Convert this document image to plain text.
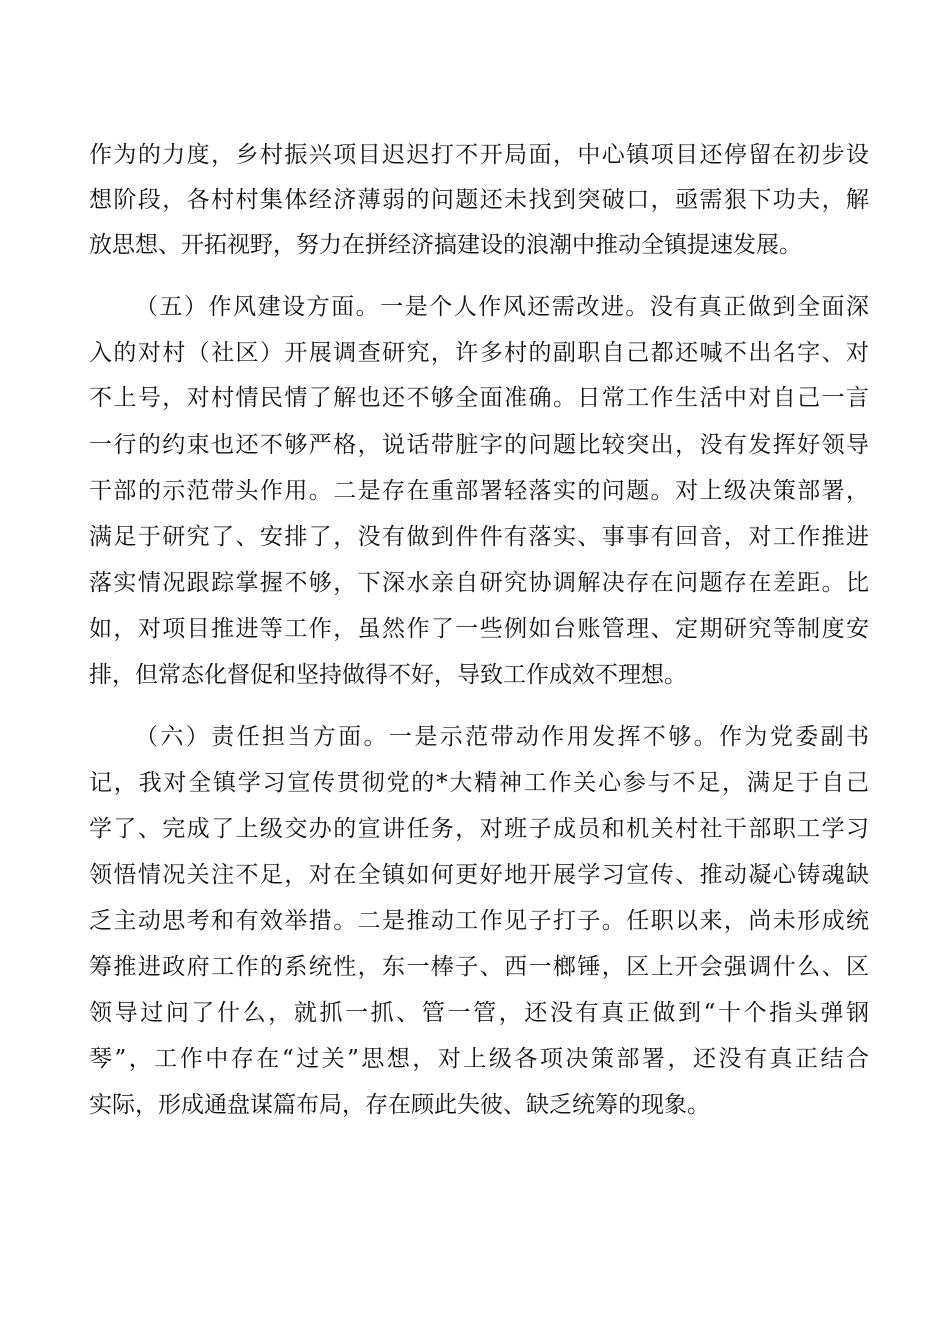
作为的力度，乡村振兴项目迟迟打不开局面，中心镇项目还停留在初步设

想阶段，各村村集体经济薄弱的问题还未找到突破口，亟需狠下功夫，解

放思想、开拓视野，努力在拼经济搞建设的浪潮中推动全镇提速发展。

（五）作风建设方面。一是个人作风还需改进。没有真正做到全面深

入的对村（社区）开展调查研究，许多村的副职自己都还喊不出名字、对

不上号，对村情民情了解也还不够全面准确。日常工作生活中对自己一言

一行的约束也还不够严格，说话带脏字的问题比较突出，没有发挥好领导

干部的示范带头作用。二是存在重部署轻落实的问题。对上级决策部署，

满足于研究了、安排了，没有做到件件有落实、事事有回音，对工作推进

落实情况跟踪掌握不够，下深水亲自研究协调解决存在问题存在差距。比

如，对项目推进等工作，虽然作了一些例如台账管理、定期研究等制度安

排，但常态化督促和坚持做得不好，导致工作成效不理想。

（六）责任担当方面。一是示范带动作用发挥不够。作为党委副书

记，我对全镇学习宣传贯彻党的*大精神工作关心参与不足，满足于自己

学了、完成了上级交办的宣讲任务，对班子成员和机关村社干部职工学习

领悟情况关注不足，对在全镇如何更好地开展学习宣传、推动凝心铸魂缺

乏主动思考和有效举措。二是推动工作见子打子。任职以来，尚未形成统

筹推进政府工作的系统性，东一棒子、西一榔锤，区上开会强调什么、区

领导过问了什么，就抓一抓、管一管，还没有真正做到“十个指头弹钢

琴”，工作中存在“过关”思想，对上级各项决策部署，还没有真正结合

实际，形成通盘谋篇布局，存在顾此失彼、缺乏统筹的现象。
